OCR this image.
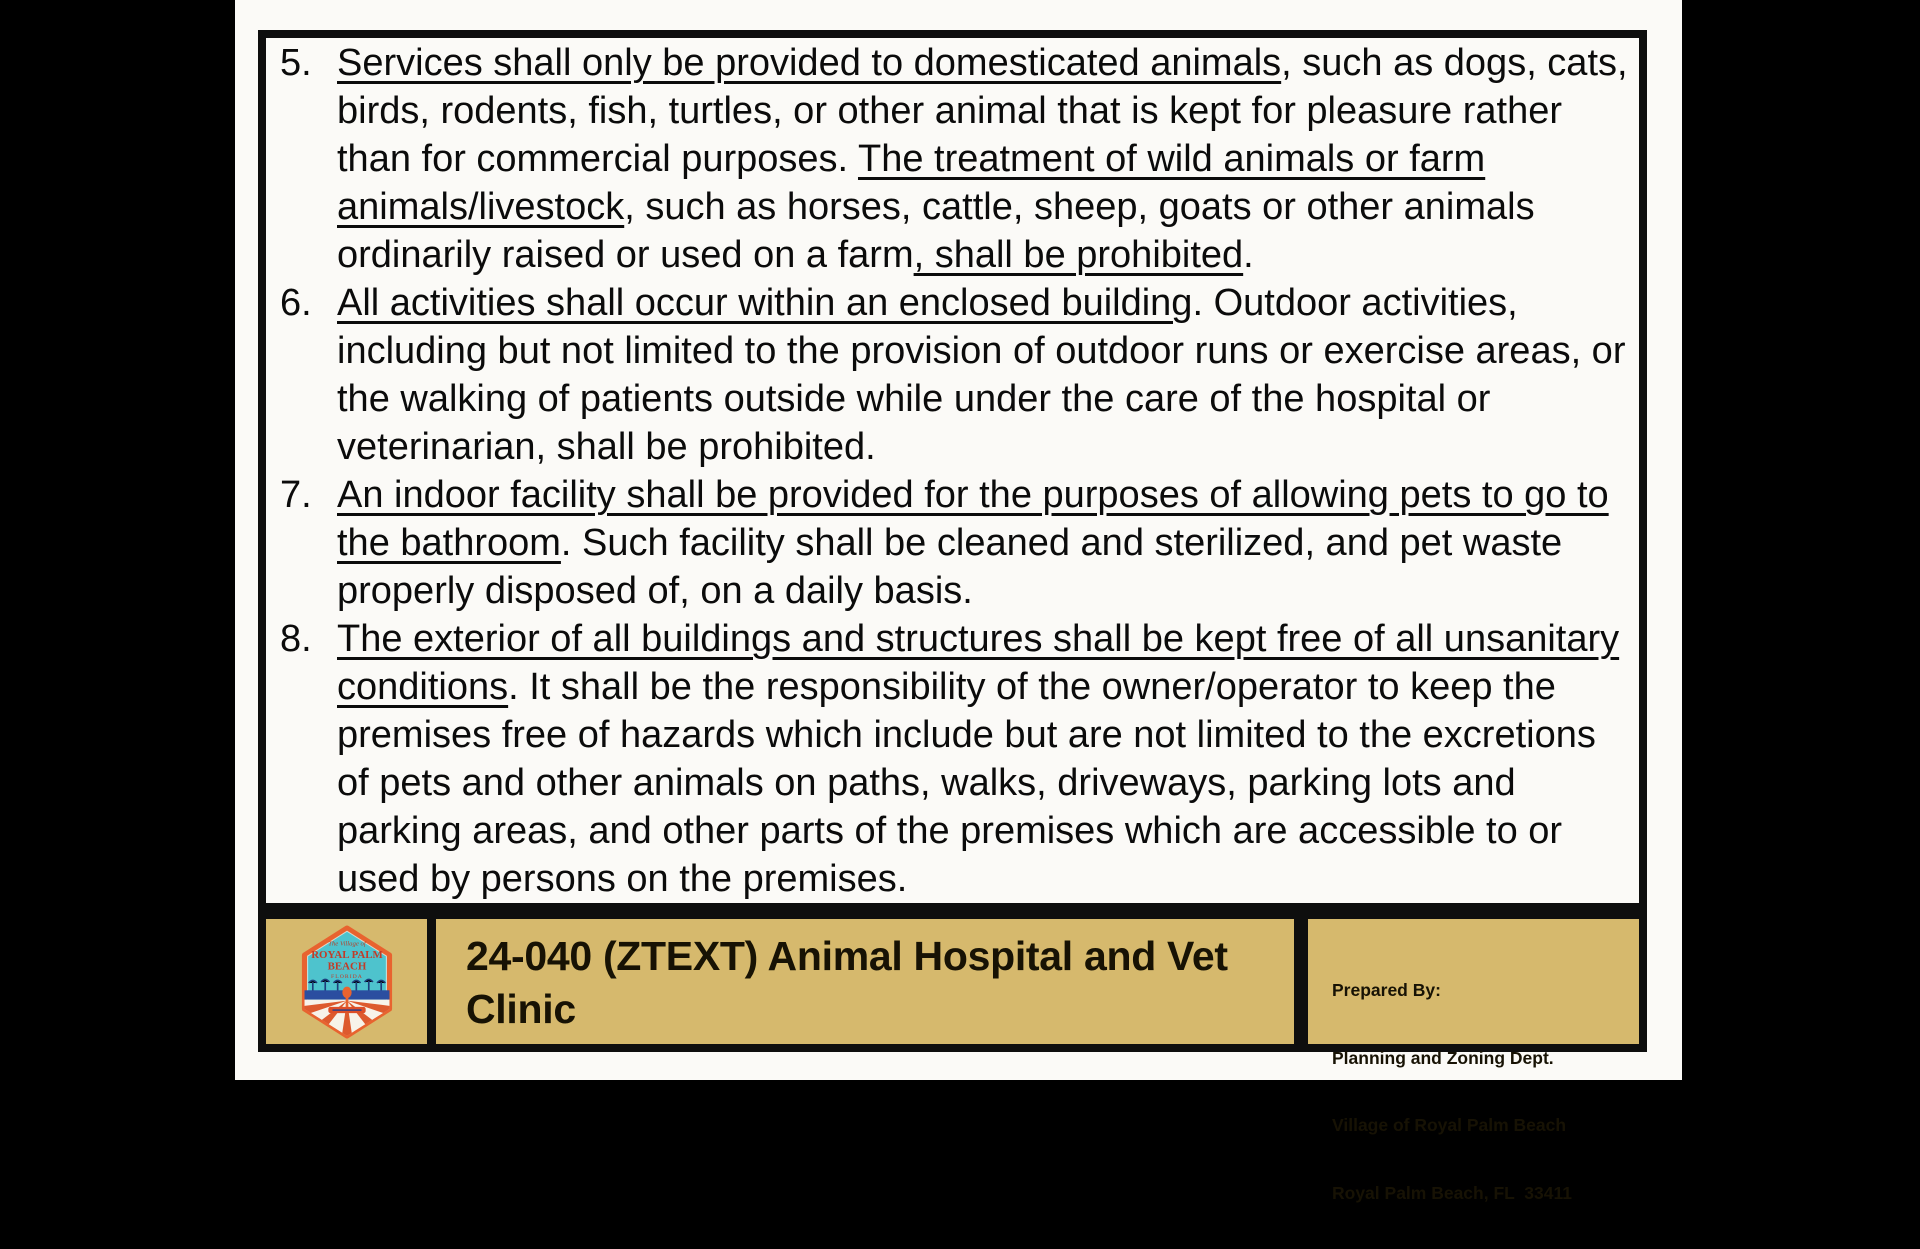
5. Services shall only be provided to domesticated animals, such as dogs, cats, birds, rodents, fish, turtles, or other animal that is kept for pleasure rather than for commercial purposes. The treatment of wild animals or farm animals/livestock, such as horses, cattle, sheep, goats or other animals ordinarily raised or used on a farm, shall be prohibited.
6. All activities shall occur within an enclosed building. Outdoor activities, including but not limited to the provision of outdoor runs or exercise areas, or the walking of patients outside while under the care of the hospital or veterinarian, shall be prohibited.
7. An indoor facility shall be provided for the purposes of allowing pets to go to the bathroom. Such facility shall be cleaned and sterilized, and pet waste properly disposed of, on a daily basis.
8. The exterior of all buildings and structures shall be kept free of all unsanitary conditions. It shall be the responsibility of the owner/operator to keep the premises free of hazards which include but are not limited to the excretions of pets and other animals on paths, walks, driveways, parking lots and parking areas, and other parts of the premises which are accessible to or used by persons on the premises.
The Village of
ROYAL PALM
BEACH
FLORIDA	24-040 (ZTEXT) Animal Hospital and Vet Clinic

	Prepared By:

Planning and Zoning Dept.

Village of Royal Palm Beach

Royal Palm Beach, FL  33411
